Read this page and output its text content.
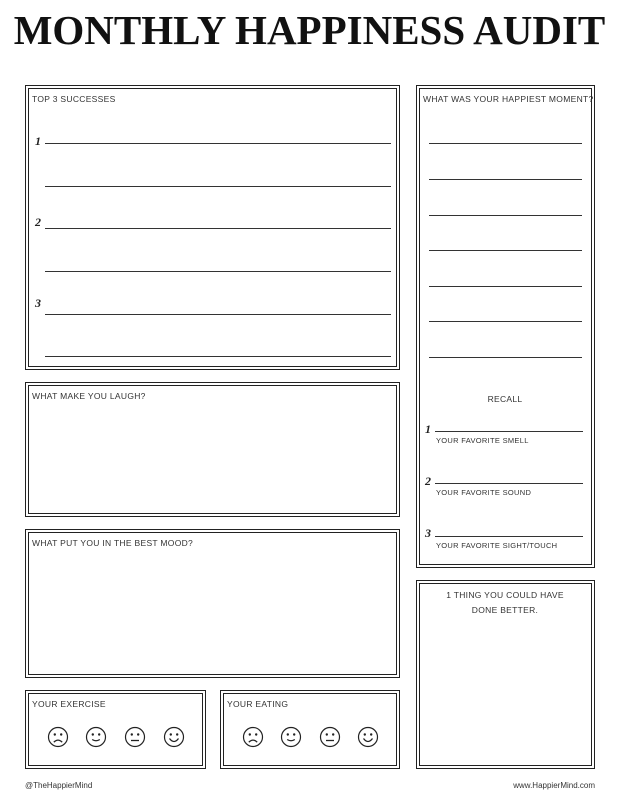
MONTHLY HAPPINESS AUDIT
TOP 3 SUCCESSES
1
2
3
WHAT MAKE YOU LAUGH?
WHAT PUT YOU IN THE BEST MOOD?
YOUR EXERCISE	YOUR EATING
WHAT WAS YOUR HAPPIEST MOMENT?
RECALL
1
YOUR FAVORITE SMELL
2
YOUR FAVORITE SOUND
3
YOUR FAVORITE SIGHT/TOUCH
1 THING YOU COULD HAVE
DONE BETTER.
@TheHappierMind	www.HappierMind.com
